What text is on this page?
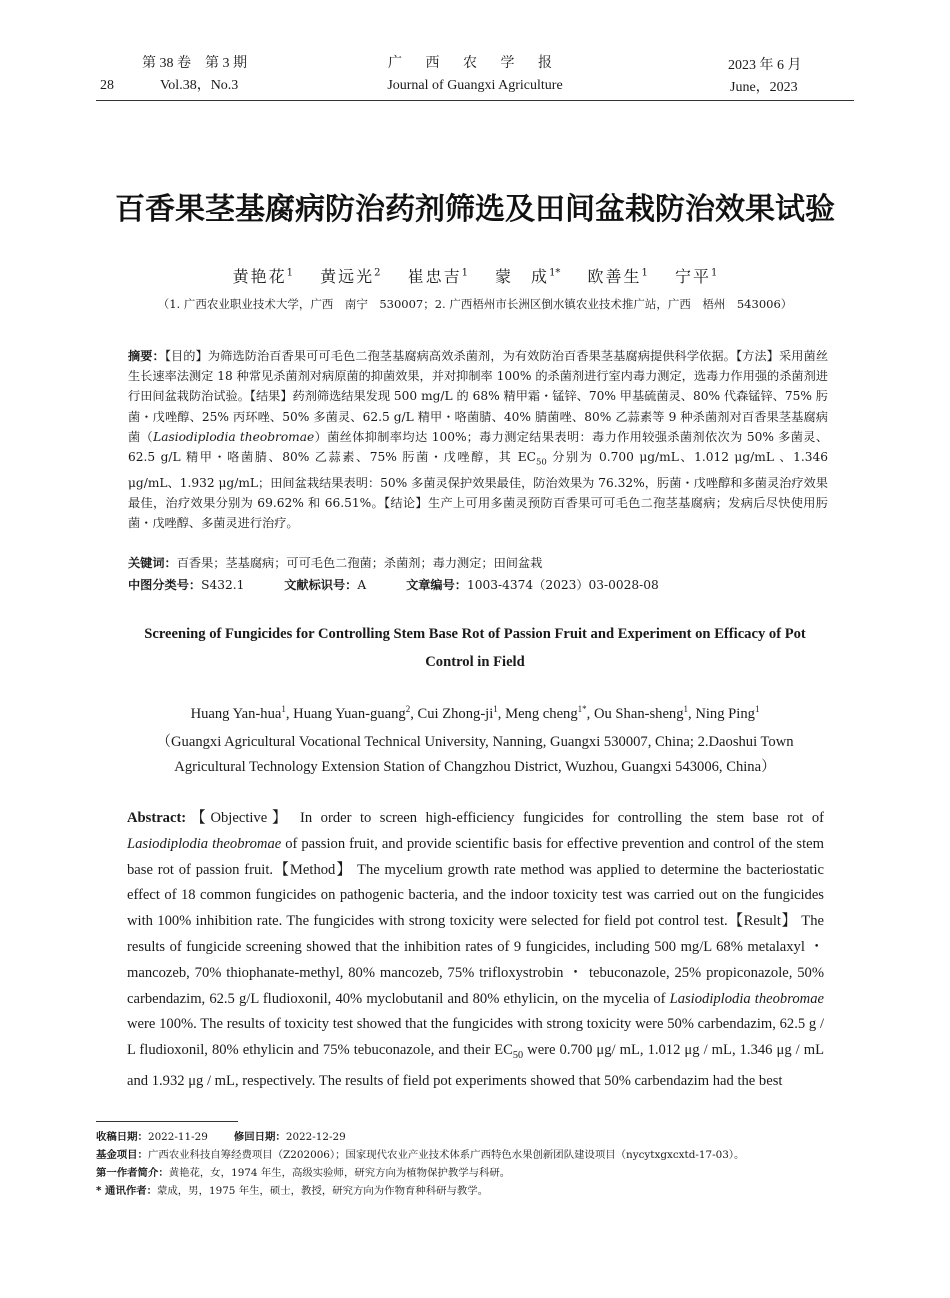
28
第 38 卷　第 3 期
Vol.38，No.3
广 西 农 学 报
Journal of Guangxi Agriculture
2023 年 6 月
June，2023
百香果茎基腐病防治药剂筛选及田间盆栽防治效果试验
黄艳花$^1$ 黄远光$^2$ 崔忠吉$^1$ 蒙　成$^{1*}$ 欧善生$^1$ 宁平$^1$
（1. 广西农业职业技术大学，广西　南宁　530007；2. 广西梧州市长洲区倒水镇农业技术推广站，广西　梧州　543006）
摘要：【目的】为筛选防治百香果可可毛色二孢茎基腐病高效杀菌剂，为有效防治百香果茎基腐病提供科学依据。【方法】采用菌丝生长速率法测定 18 种常见杀菌剂对病原菌的抑菌效果，并对抑制率 100% 的杀菌剂进行室内毒力测定，选毒力作用强的杀菌剂进行田间盆栽防治试验。【结果】药剂筛选结果发现 500 mg/L 的 68% 精甲霜・锰锌、70% 甲基硫菌灵、80% 代森锰锌、75% 肟菌・戊唑醇、25% 丙环唑、50% 多菌灵、62.5 g/L 精甲・咯菌腈、40% 腈菌唑、80% 乙蒜素等 9 种杀菌剂对百香果茎基腐病菌（Lasiodiplodia theobromae）菌丝体抑制率均达 100%；毒力测定结果表明：毒力作用较强杀菌剂依次为 50% 多菌灵、62.5 g/L 精甲・咯菌腈、80% 乙蒜素、75% 肟菌・戊唑醇，其 $EC_{50}$ 分别为 0.700 μg/mL、1.012 μg/mL 、1.346 μg/mL、1.932 μg/mL；田间盆栽结果表明：50% 多菌灵保护效果最佳，防治效果为 76.32%，肟菌・戊唑醇和多菌灵治疗效果最佳，治疗效果分别为 69.62% 和 66.51%。【结论】生产上可用多菌灵预防百香果可可毛色二孢茎基腐病；发病后尽快使用肟菌・戊唑醇、多菌灵进行治疗。
关键词：百香果；茎基腐病；可可毛色二孢菌；杀菌剂；毒力测定；田间盆栽
中图分类号：S432.1	文献标识号：A	文章编号：1003-4374（2023）03-0028-08
Screening of Fungicides for Controlling Stem Base Rot of Passion Fruit and Experiment on Efficacy of Pot Control in Field
Huang Yan-hua$^1$, Huang Yuan-guang$^2$, Cui Zhong-$ji^1$, Meng cheng$^{1*}$, Ou Shan-sheng$^1$, Ning Ping$^1$
（Guangxi Agricultural Vocational Technical University, Nanning, Guangxi 530007, China; 2.Daoshui Town Agricultural Technology Extension Station of Changzhou District, Wuzhou, Guangxi 543006, China）
Abstract:【Objective】 In order to screen high-efficiency fungicides for controlling the stem base rot of Lasiodiplodia theobromae of passion fruit, and provide scientific basis for effective prevention and control of the stem base rot of passion fruit.【Method】 The mycelium growth rate method was applied to determine the bacteriostatic effect of 18 common fungicides on pathogenic bacteria, and the indoor toxicity test was carried out on the fungicides with 100% inhibition rate. The fungicides with strong toxicity were selected for field pot control test.【Result】 The results of fungicide screening showed that the inhibition rates of 9 fungicides, including 500 mg/L 68% metalaxyl ・ mancozeb, 70% thiophanate-methyl, 80% mancozeb, 75% trifloxystrobin ・ tebuconazole, 25% propiconazole, 50% carbendazim, 62.5 g/L fludioxonil, 40% myclobutanil and 80% ethylicin, on the mycelia of Lasiodiplodia theobromae were 100%. The results of toxicity test showed that the fungicides with strong toxicity were 50% carbendazim, 62.5 g / L fludioxonil, 80% ethylicin and 75% tebuconazole, and their $EC_{50}$ were 0.700 μg/ mL, 1.012 μg / mL, 1.346 μg / mL and 1.932 μg / mL, respectively. The results of field pot experiments showed that 50% carbendazim had the best
收稿日期：2022-11-29	修回日期：2022-12-29
基金项目：广西农业科技自筹经费项目（Z202006）；国家现代农业产业技术体系广西特色水果创新团队建设项目（nycytxgxcxtd-17-03）。
第一作者简介：黄艳花，女，1974 年生，高级实验师，研究方向为植物保护教学与科研。
* 通讯作者：蒙成，男，1975 年生，硕士，教授，研究方向为作物育种科研与教学。
